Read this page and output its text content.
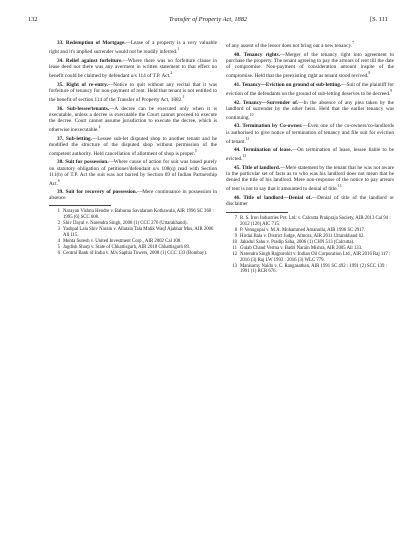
132	Transfer of Property Act, 1882	[S. 111

33. Redemption of Mortgage.—Lease of a property is a very valuable right and it's implied surrender would not be readily inferred.$^1$

34. Relief against forfeiture.—Where there was no forfeiture clause in lease deed nor there was any averment in written statement to that effect no benefit could be claimed by defendant u/s 114 of T.P. Act.$^2$

35. Right of re-entry.—Notice to quit without any recital that it was forfeiture of tenancy for non-payment of rent. Held that tenant is not entitled to the benefit of section 114 of the Transfer of Property Act, 1882.$^3$

36. Sub-lessee/tenants.—A decree can be executed only when it is executable, unless a decree is executable the Court cannot proceed to execute the decree. Court cannot assume jurisdiction to execute the decree, which is otherwise inexecutable.$^4$

37. Sub-letting.—Lessee sub-let disputed shop to another tenant and he modified the structure of the disputed shop without permission of the competent authority. Held cancellation of allotment of shop is proper.$^5$

38. Suit for possession.—Where cause of action for suit was based purely on statutory obligation of petitioner/defendant u/s 108(q) read with Section 111(h) of T.P. Act the suit was not barred by Section 69 of Indian Partnership Act.$^6$

39. Suit for recovery of possession.—Mere continuance in possession in absence

1 Narayan Vishnu Hendre v. Baburao Savalaram Kothawala, AIR 1996 SC 368 : 1995 (6) SCC 608.
2 Shiv Dayal v. Narendra Singh, 2008 (1) CCC 276 (Uttarakhand).
3 Yashpal Lala Shiv Narain v. Allatala Tala Malik Waqf Ajabhar Mus, AIR 2006 All 115.
4 Mehta Suresh v. United Investment Corp., AIR 2002 Cal 108.
5 Jagdish Sharp v. State of Chhattisgarh, AIR 2018 Chhattisgarh 89.
6 Central Bank of India v. M/s Saphia Towers, 2008 (1) CCC 133 (Bombay).

of any assent of the lessor does not bring out a new tenancy.$^7$

40. Tenancy rights.—Merger of the tenancy right into agreement to purchase the property. The tenant agreeing to pay the arrears of rent till the date of compromise. Non-payment of consideration amount inspite of the compromise. Held that the preexisting right as tenant stood revived.$^8$

41. Tenancy—Eviction on ground of sub-letting.—Suit of the plaintiff for eviction of the defendants on the ground of sub-letting deserves to be decreed.$^9$

42. Tenancy—Surrender of.—In the absence of any plea taken by the landlord of surrender by the other heirs. Held that the earlier tenancy was continuing.$^{10}$

43. Termination by Co-owner.—Even one of the co-owners/co-landlords is authorised to give notice of termination of tenancy and file suit for eviction of tenant.$^{11}$

44. Termination of lease.—On termination of lease, lessee liable to be evicted.$^{12}$

45. Title of landlord.—Mere statement by the tenant that he was not aware in the particular set of facts as to who was his landlord does not mean that he denied the title of his landlord. Mere non-response of the notice to pay arrears of rent is not to say that it amounted to denial of title.$^{13}$

46. Title of landlord—Denial of.—Denial of title of the landlord or disclaimer

7 R. S. Iron Industries Pvt. Ltd. v. Calcutta Prakpraja Society, AIR 2013 Cal 94 : 2012 (120) AIC 715.
8 P. Venugopal v. M.A. Mohammed Amanulla, AIR 1996 SC 2917.
9 Hirdai Bala v. District Judge, Almora, AIR 2011 Uttarakhand 62.
10 Jahadul Sahu v. Pradip Saha, 2006 (1) CHN 513 (Calcutta).
11 Gulab Chand Verma v. Badri Narain Mishra, AIR 2005 All 133.
12 Narendra Singh Rajpurohit v. Indian Oil Corporation Ltd., AIR 2016 Raj 117 : 2016 (3) Raj LW 1993 : 2016 (3) WLC 779.
13 Manisamy Naidu v. C. Rangasathan, AIR 1991 SC 492 : 1991 (2) SCC 139 : 1991 (1) RCR 676.
